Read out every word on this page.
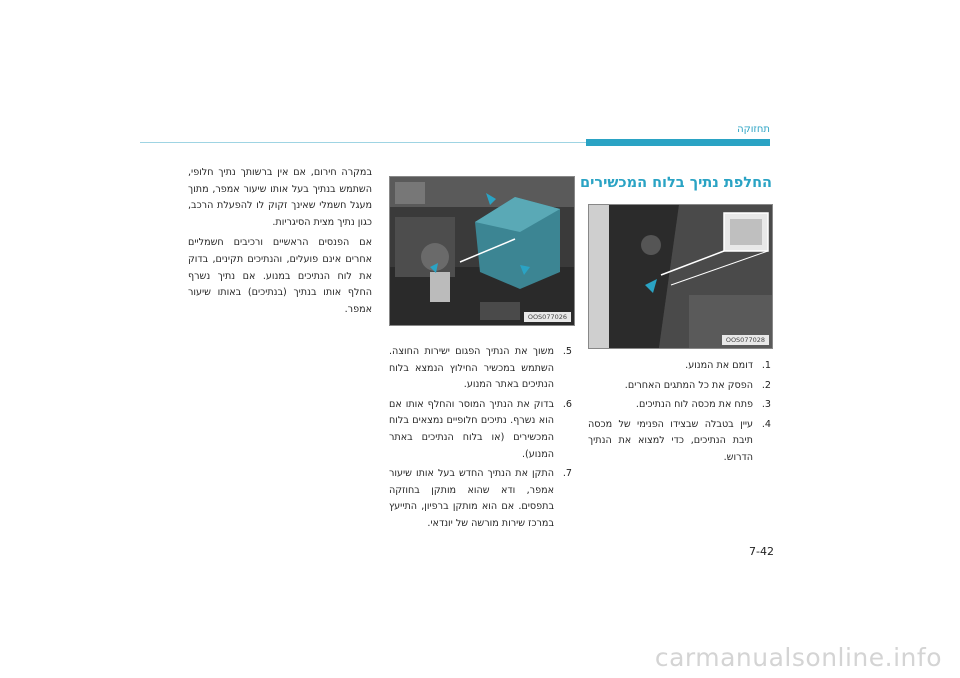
תחזוקה
החלפת נתיך בלוח המכשירים
OOS077026
OOS077028

במקרה חירום, אם אין ברשותך נתיך חלופי, השתמש בנתיך בעל אותו שיעור אמפר, מתוך מעגל חשמלי שאינך זקוק לו להפעלת הרכב, כגון נתיך מצית הסיגריות.

אם הפנסים הראשיים ורכיבים חשמליים אחרים אינם פועלים, והנתיכים תקינים, בדוק את לוח הנתיכים במנוע. אם נתיך נשרף החלף אותו בנתיך (בנתיכים) באותו שיעור אמפר.

1.
דומם את המנוע.
2.
הפסק את כל המתגים האחרים.
3.
פתח את מכסה לוח הנתיכים.
4.
עיין בטבלה שבצידו הפנימי של מכסה תיבת הנתיכים, כדי למצוא את הנתיך הדרוש.
5.
משוך את הנתיך הפגום ישירות החוצה. השתמש במכשיר החילוץ הנמצא בלוח הנתיכים באתר המנוע.
6.
בדוק את הנתיך המוסר והחלף אותו אם הוא נשרף. נתיכים חלופיים נמצאים בלוח המכשירים (או בלוח הנתיכים באתר המנוע).
7.
התקן את הנתיך החדש בעל אותו שיעור אמפר, ודא שהוא מותקן בחוזקה בתפסים. אם הוא מותקן ברפיון, התייעץ במרכז שירות מורשה של יונדאי.
7-42
carmanualsonline.info
